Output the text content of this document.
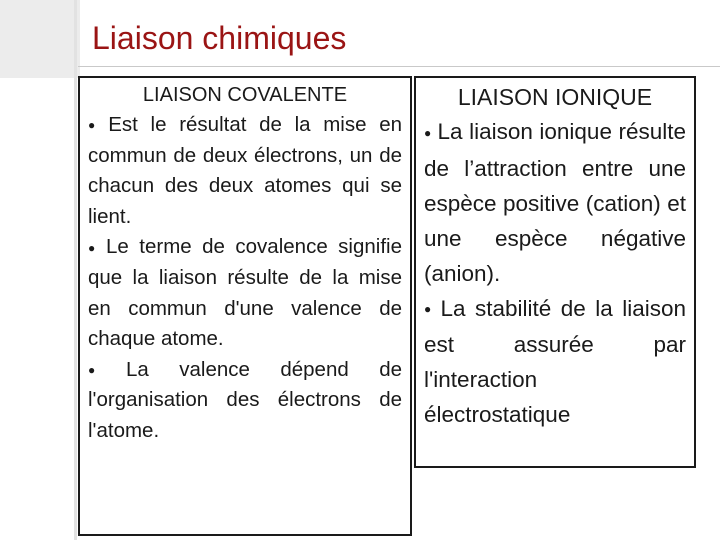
Liaison chimiques
LIAISON COVALENTE

● Est le résultat de la mise en commun de deux électrons, un de chacun des deux atomes qui se lient.

● Le terme de covalence signifie que la liaison résulte de la mise en commun d'une valence de chaque atome.

● La valence dépend de l'organisation des électrons de l'atome.

LIAISON IONIQUE

● La liaison ionique résulte de l’attraction entre une espèce positive (cation) et une espèce négative (anion).

● La stabilité de la liaison est assurée par l'interaction électrostatique
